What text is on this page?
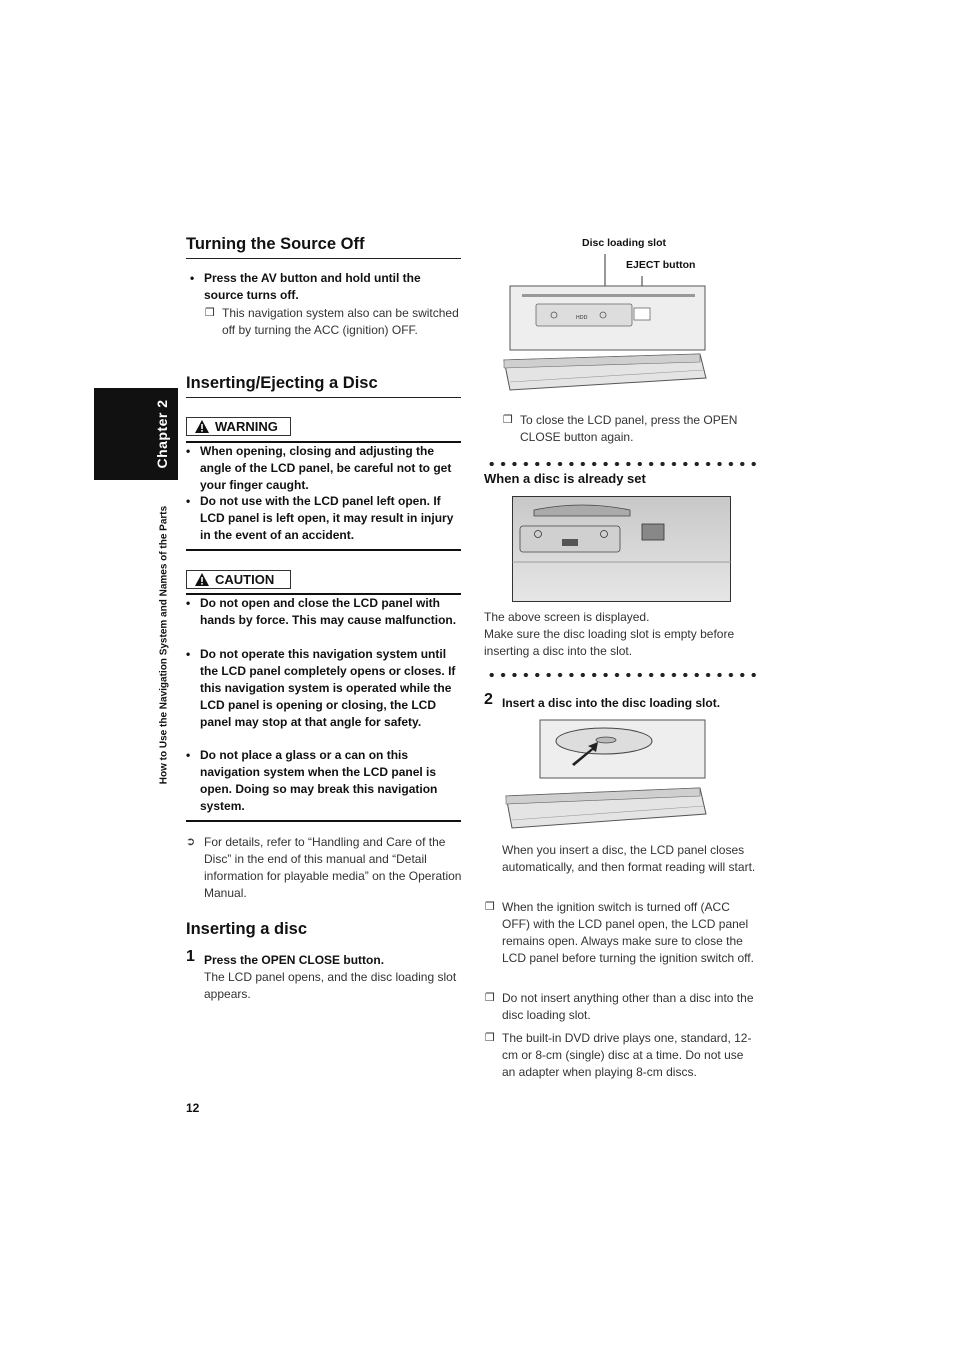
Chapter 2
How to Use the Navigation System and Names of the Parts
Turning the Source Off
• Press the AV button and hold until the source turns off.
❒ This navigation system also can be switched off by turning the ACC (ignition) OFF.
Inserting/Ejecting a Disc
WARNING
• When opening, closing and adjusting the angle of the LCD panel, be careful not to get your finger caught.
• Do not use with the LCD panel left open. If LCD panel is left open, it may result in injury in the event of an accident.
CAUTION
• Do not open and close the LCD panel with hands by force. This may cause malfunction.
• Do not operate this navigation system until the LCD panel completely opens or closes. If this navigation system is operated while the LCD panel is opening or closing, the LCD panel may stop at that angle for safety.
• Do not place a glass or a can on this navigation system when the LCD panel is open. Doing so may break this navigation system.
➲ For details, refer to “Handling and Care of the Disc” in the end of this manual and “Detail information for playable media” on the Operation Manual.
Inserting a disc
1 Press the OPEN CLOSE button.
The LCD panel opens, and the disc loading slot appears.
Disc loading slot
EJECT button
HDD
❒ To close the LCD panel, press the OPEN CLOSE button again.
When a disc is already set
The above screen is displayed.
Make sure the disc loading slot is empty before inserting a disc into the slot.
2 Insert a disc into the disc loading slot.
When you insert a disc, the LCD panel closes automatically, and then format reading will start.
❒ When the ignition switch is turned off (ACC OFF) with the LCD panel open, the LCD panel remains open. Always make sure to close the LCD panel before turning the ignition switch off.
❒ Do not insert anything other than a disc into the disc loading slot.
❒ The built-in DVD drive plays one, standard, 12-cm or 8-cm (single) disc at a time. Do not use an adapter when playing 8-cm discs.
12
